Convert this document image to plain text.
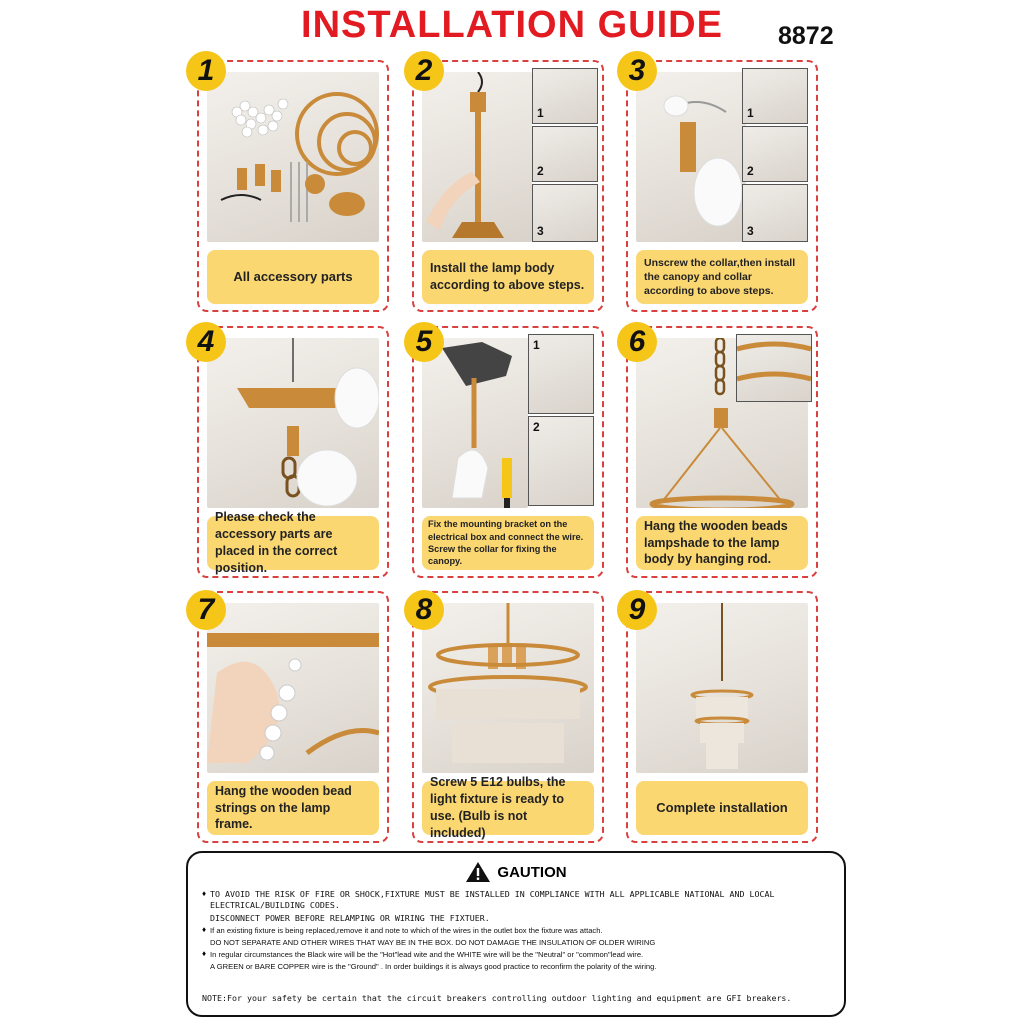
INSTALLATION GUIDE	8872
1
All accessory parts
2
1
2
3
Install the lamp body according to above steps.
3
1
2
3
Unscrew the collar,then install the canopy and collar according to above steps.
4
Please check the accessory parts are placed in the correct position.
5	1
2
Fix the mounting bracket on the electrical box and connect the wire. Screw the collar for fixing the canopy.
6
Hang the wooden beads lampshade to the lamp body by hanging rod.
7
Hang the wooden bead strings on the lamp frame.
8
Screw 5 E12 bulbs, the light fixture is ready to use. (Bulb is not included)
9
Complete installation
GAUTION
♦ TO AVOID THE RISK OF FIRE OR SHOCK,FIXTURE MUST BE INSTALLED IN COMPLIANCE WITH ALL APPLICABLE NATIONAL AND LOCAL
ELECTRICAL/BUILDING CODES.
DISCONNECT POWER BEFORE RELAMPING OR WIRING THE FIXTUER.
♦ If an existing fixture is being replaced,remove it and note to which of the wires in the outlet box the fixture was attach.
DO NOT SEPARATE AND OTHER WIRES THAT WAY BE IN THE BOX. DO NOT DAMAGE THE INSULATION OF OLDER WIRING
♦ In regular circumstances the Black wire will be the "Hot"lead wite and the WHITE wire will be the "Neutral" or "common"lead wire.
A GREEN or BARE COPPER wire is the "Ground" . In order buildings it is always good practice to reconfirm the polarity of the wiring.
NOTE:For your safety be certain that the circuit breakers controlling outdoor lighting and equipment are GFI breakers.
